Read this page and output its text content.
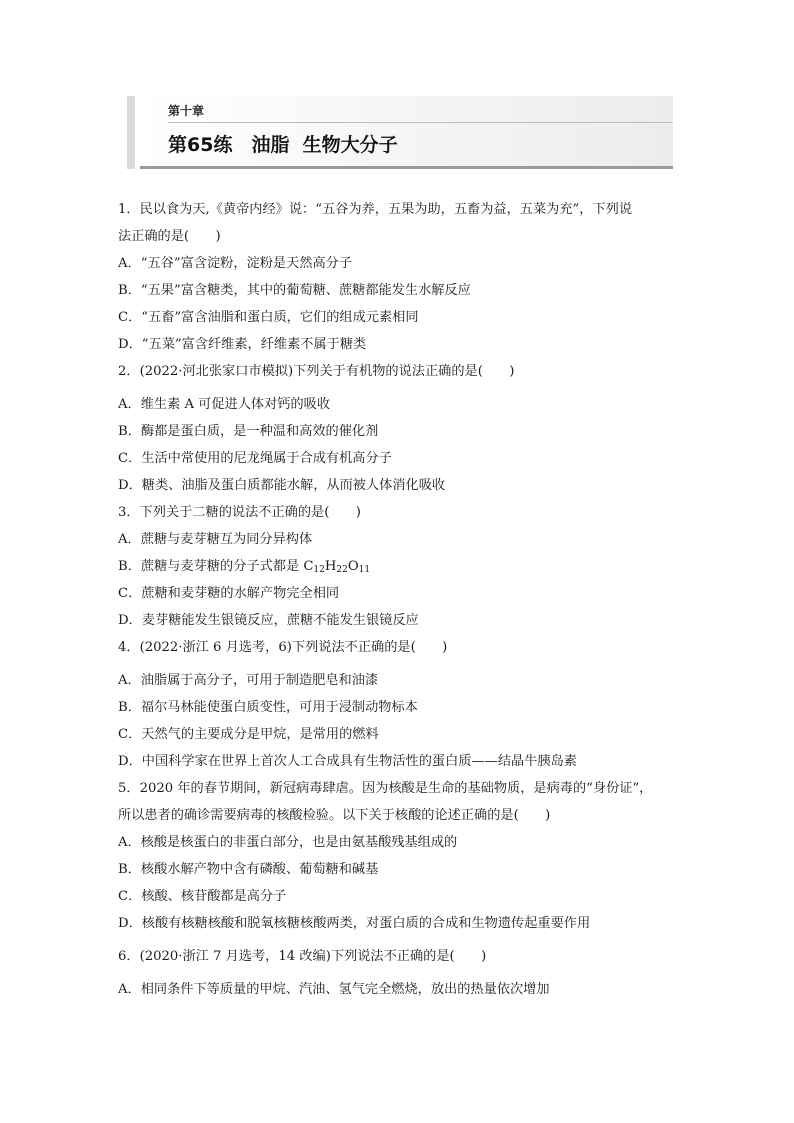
第十章
第65练　油脂  生物大分子
1．民以食为天,《黄帝内经》说：“五谷为养，五果为助，五畜为益，五菜为充”，下列说
法正确的是(　　)
A．“五谷”富含淀粉，淀粉是天然高分子
B．“五果”富含糖类，其中的葡萄糖、蔗糖都能发生水解反应
C．“五畜”富含油脂和蛋白质，它们的组成元素相同
D．“五菜”富含纤维素，纤维素不属于糖类
2．(2022·河北张家口市模拟)下列关于有机物的说法正确的是(　　)
A．维生素 A 可促进人体对钙的吸收
B．酶都是蛋白质，是一种温和高效的催化剂
C．生活中常使用的尼龙绳属于合成有机高分子
D．糖类、油脂及蛋白质都能水解，从而被人体消化吸收
3．下列关于二糖的说法不正确的是(　　)
A．蔗糖与麦芽糖互为同分异构体
B．蔗糖与麦芽糖的分子式都是 $C_{12}H_{22}O_{11}$
C．蔗糖和麦芽糖的水解产物完全相同
D．麦芽糖能发生银镜反应，蔗糖不能发生银镜反应
4．(2022·浙江 6 月选考，6)下列说法不正确的是(　　)
A．油脂属于高分子，可用于制造肥皂和油漆
B．福尔马林能使蛋白质变性，可用于浸制动物标本
C．天然气的主要成分是甲烷，是常用的燃料
D．中国科学家在世界上首次人工合成具有生物活性的蛋白质——结晶牛胰岛素
5．2020 年的春节期间，新冠病毒肆虐。因为核酸是生命的基础物质，是病毒的“身份证”，
所以患者的确诊需要病毒的核酸检验。以下关于核酸的论述正确的是(　　)
A．核酸是核蛋白的非蛋白部分，也是由氨基酸残基组成的
B．核酸水解产物中含有磷酸、葡萄糖和碱基
C．核酸、核苷酸都是高分子
D．核酸有核糖核酸和脱氧核糖核酸两类，对蛋白质的合成和生物遗传起重要作用
6．(2020·浙江 7 月选考，14 改编)下列说法不正确的是(　　)
A．相同条件下等质量的甲烷、汽油、氢气完全燃烧，放出的热量依次增加
